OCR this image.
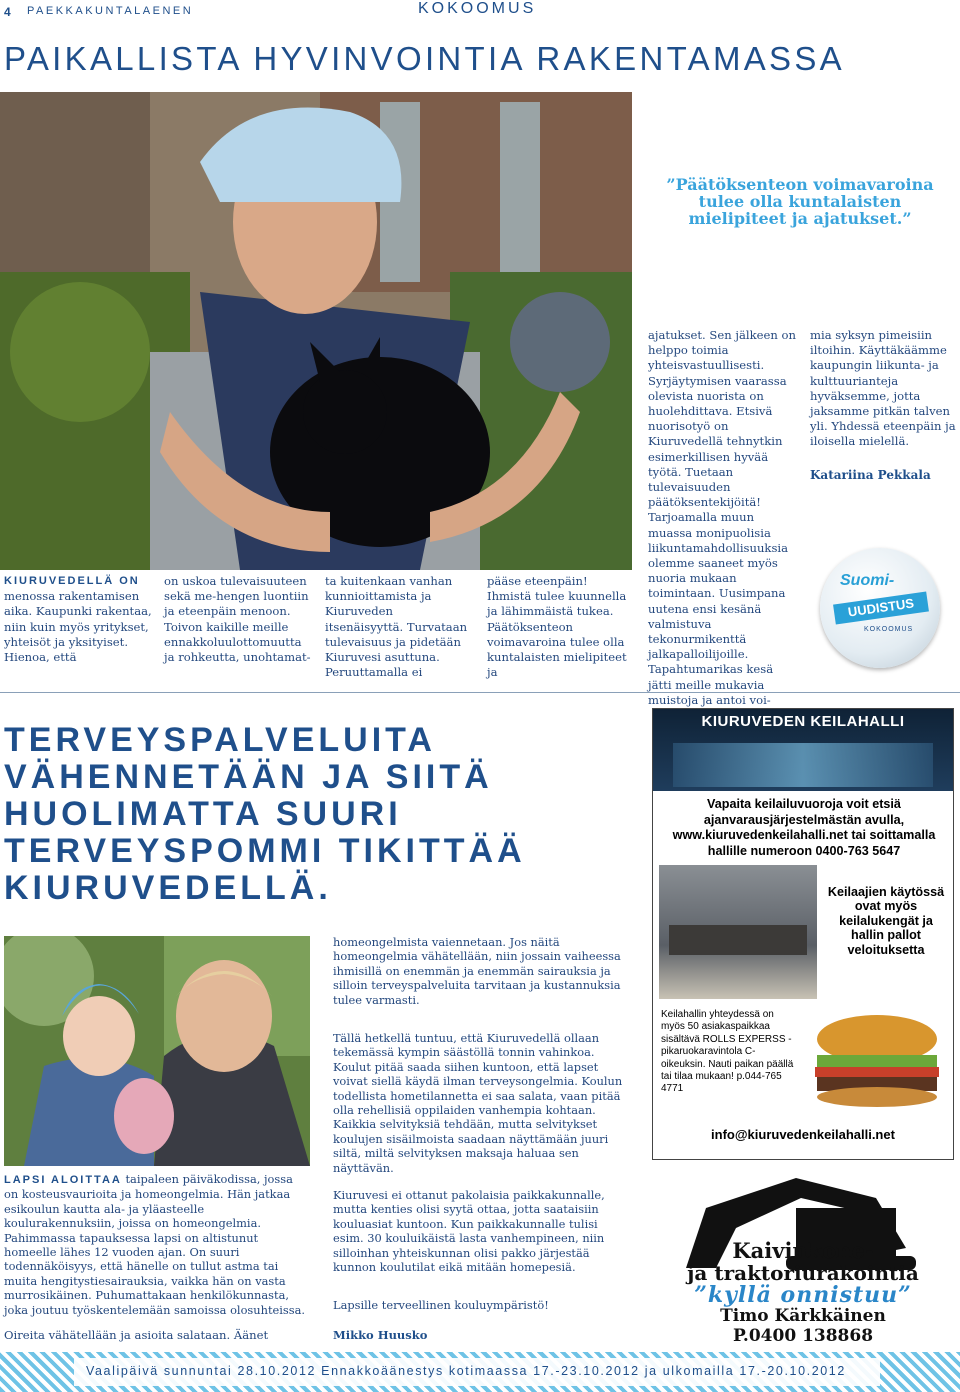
4 PAEKKAKUNTALAENEN	KOKOOMUS
PAIKALLISTA HYVINVOINTIA RAKENTAMASSA
”Päätöksenteon voimavaroina tulee olla kuntalaisten mielipiteet ja ajatukset.”
KIURUVEDELLÄ ON menossa rakentamisen aika. Kaupunki rakentaa, niin kuin myös yritykset, yhteisöt ja yksityiset. Hienoa, että
on uskoa tulevaisuuteen sekä me-hengen luontiin ja eteenpäin menoon. Toivon kaikille meille ennakkoluulottomuutta ja rohkeutta, unohtamat-
ta kuitenkaan vanhan kunnioittamista ja Kiuruveden itsenäisyyttä. Turvataan tulevaisuus ja pidetään Kiuruvesi asuttuna. Peruuttamalla ei
pääse eteenpäin! Ihmistä tulee kuunnella ja lähimmäistä tukea. Päätöksenteon voimavaroina tulee olla kuntalaisten mielipiteet ja
ajatukset. Sen jälkeen on helppo toimia yhteisvastuullisesti. Syrjäytymisen vaarassa olevista nuorista on huolehdittava. Etsivä nuorisotyö on Kiuruvedellä tehnytkin esimerkillisen hyvää työtä. Tuetaan tulevaisuuden päätöksentekijöitä! Tarjoamalla muun muassa monipuolisia liikuntamahdollisuuksia olemme saaneet myös nuoria mukaan toimintaan. Uusimpana uutena ensi kesänä valmistuva tekonurmikenttä jalkapalloilijoille. Tapahtumarikas kesä jätti meille mukavia muistoja ja antoi voi-
mia syksyn pimeisiin iltoihin. Käyttäkäämme kaupungin liikunta- ja kulttuurianteja hyväksemme, jotta jaksamme pitkän talven yli. Yhdessä eteenpäin ja iloisella mielellä.
Katariina Pekkala
Suomi-
UUDISTUS
KOKOOMUS
TERVEYSPALVELUITA VÄHENNETÄÄN JA SIITÄ HUOLIMATTA SUURI TERVEYSPOMMI TIKITTÄÄ KIURUVEDELLÄ.
LAPSI ALOITTAA taipaleen päiväkodissa, jossa on kosteusvaurioita ja homeongelmia. Hän jatkaa esikoulun kautta ala- ja yläasteelle koulurakennuksiin, joissa on homeongelmia. Pahimmassa tapauksessa lapsi on altistunut homeelle lähes 12 vuoden ajan. On suuri todennäköisyys, että hänelle on tullut astma tai muita hengitystiesairauksia, vaikka hän on vasta murrosikäinen. Puhumattakaan henkilökunnasta, joka joutuu työskentelemään samoissa olosuhteissa.
Oireita vähätellään ja asioita salataan. Äänet
homeongelmista vaiennetaan. Jos näitä homeongelmia vähätellään, niin jossain vaiheessa ihmisillä on enemmän ja enemmän sairauksia ja silloin terveyspalveluita tarvitaan ja kustannuksia tulee varmasti.
Tällä hetkellä tuntuu, että Kiuruvedellä ollaan tekemässä kympin säästöllä tonnin vahinkoa. Koulut pitää saada siihen kuntoon, että lapset voivat siellä käydä ilman terveysongelmia. Koulun todellista hometilannetta ei saa salata, vaan pitää olla rehellisiä oppilaiden vanhempia kohtaan. Kaikkia selvityksiä tehdään, mutta selvitykset koulujen sisäilmoista saadaan näyttämään juuri siltä, miltä selvityksen maksaja haluaa sen näyttävän.
Kiuruvesi ei ottanut pakolaisia paikkakunnalle, mutta kenties olisi syytä ottaa, jotta saataisiin kouluasiat kuntoon. Kun paikkakunnalle tulisi esim. 30 kouluikäistä lasta vanhempineen, niin silloinhan yhteiskunnan olisi pakko järjestää kunnon koulutilat eikä mitään homepesiä.
Lapsille terveellinen kouluympäristö!
Mikko Huusko
KIURUVEDEN KEILAHALLI
Vapaita keilailuvuoroja voit etsiä ajanvarausjärjestelmästän avulla, www.kiuruvedenkeilahalli.net tai soittamalla hallille numeroon 0400-763 5647
Keilaajien käytössä ovat myös keilalukengät ja hallin pallot veloituksetta
Keilahallin yhteydessä on myös 50 asiakaspaikkaa sisältävä ROLLS EXPERSS -pikaruokaravintola C-oikeuksin. Nauti paikan päällä tai tilaa mukaan! p.044-765 4771
info@kiuruvedenkeilahalli.net
Kaivinkone-
ja traktoriurakointia
”kyllä onnistuu”
Timo Kärkkäinen
P.0400 138868
Vaalipäivä sunnuntai 28.10.2012 Ennakkoäänestys kotimaassa 17.-23.10.2012 ja ulkomailla 17.-20.10.2012
